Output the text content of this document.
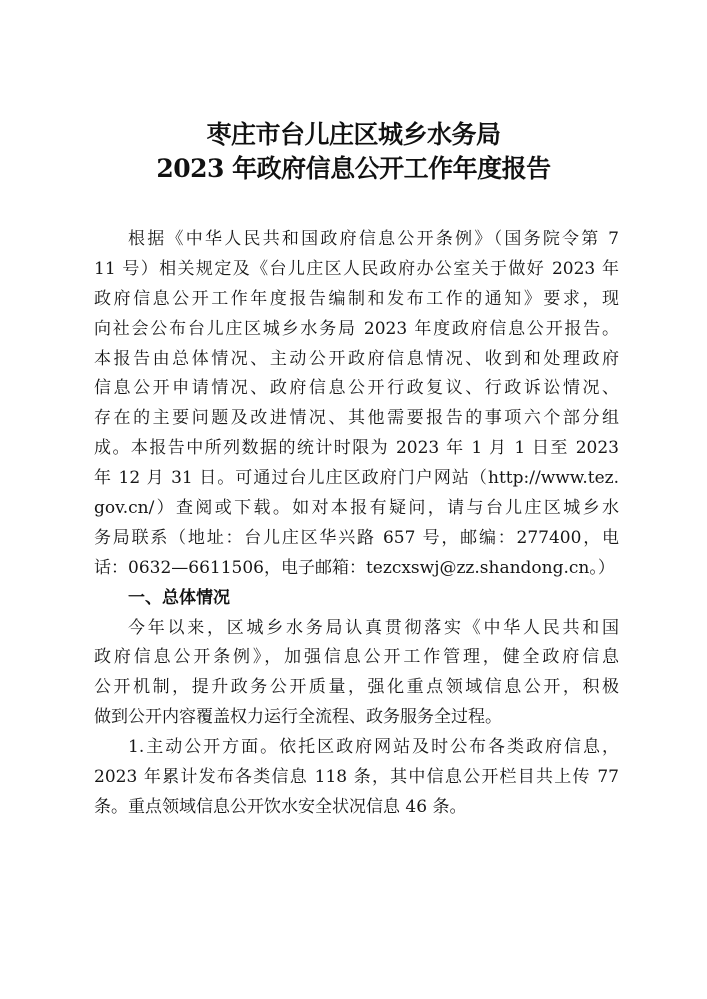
枣庄市台儿庄区城乡水务局
2023 年政府信息公开工作年度报告
根据《中华人民共和国政府信息公开条例》（国务院令第 7
11 号）相关规定及《台儿庄区人民政府办公室关于做好 2023 年
政府信息公开工作年度报告编制和发布工作的通知》要求，现
向社会公布台儿庄区城乡水务局 2023 年度政府信息公开报告。
本报告由总体情况、主动公开政府信息情况、收到和处理政府
信息公开申请情况、政府信息公开行政复议、行政诉讼情况、
存在的主要问题及改进情况、其他需要报告的事项六个部分组
成。本报告中所列数据的统计时限为 2023 年 1 月 1 日至 2023
年 12 月 31 日。可通过台儿庄区政府门户网站（http://www.tez.
gov.cn/）查阅或下载。如对本报有疑问，请与台儿庄区城乡水
务局联系（地址：台儿庄区华兴路 657 号，邮编：277400，电
话：0632—6611506，电子邮箱：tezcxswj@zz.shandong.cn。）
一、总体情况
今年以来，区城乡水务局认真贯彻落实《中华人民共和国
政府信息公开条例》，加强信息公开工作管理，健全政府信息
公开机制，提升政务公开质量，强化重点领域信息公开，积极
做到公开内容覆盖权力运行全流程、政务服务全过程。
1.主动公开方面。依托区政府网站及时公布各类政府信息，
2023 年累计发布各类信息 118 条，其中信息公开栏目共上传 77
条。重点领域信息公开饮水安全状况信息 46 条。
